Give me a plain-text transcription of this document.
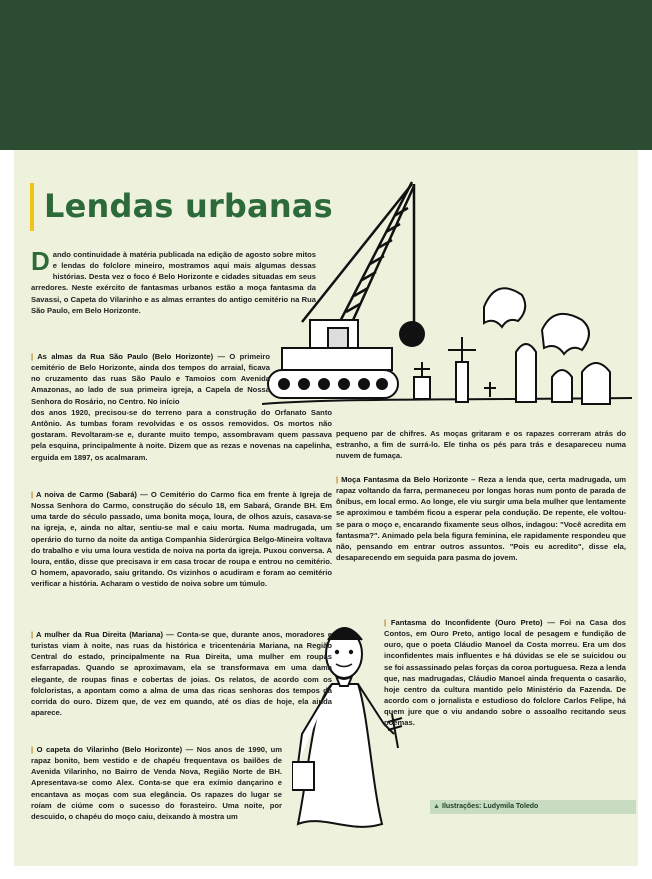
Lendas urbanas
Dando continuidade à matéria publicada na edição de agosto sobre mitos e lendas do folclore mineiro, mostramos aqui mais algumas dessas histórias. Desta vez o foco é Belo Horizonte e cidades situadas em seus arredores. Neste exército de fantasmas urbanos estão a moça fantasma da Savassi, o Capeta do Vilarinho e as almas errantes do antigo cemitério na Rua São Paulo, em Belo Horizonte.
| As almas da Rua São Paulo (Belo Horizonte) — O primeiro cemitério de Belo Horizonte, ainda dos tempos do arraial, ficava no cruzamento das ruas São Paulo e Tamoios com Avenida Amazonas, ao lado de sua primeira igreja, a Capela de Nossa Senhora do Rosário, no Centro. No início
dos anos 1920, precisou-se do terreno para a construção do Orfanato Santo Antônio. As tumbas foram revolvidas e os ossos removidos. Os mortos não gostaram. Revoltaram-se e, durante muito tempo, assombravam quem passava pela esquina, principalmente à noite. Dizem que as rezas e novenas na capelinha, erguida em 1897, os acalmaram.
| A noiva de Carmo (Sabará) — O Cemitério do Carmo fica em frente à Igreja de Nossa Senhora do Carmo, construção do século 18, em Sabará, Grande BH. Em uma tarde do século passado, uma bonita moça, loura, de olhos azuis, casava-se na igreja, e, ainda no altar, sentiu-se mal e caiu morta. Numa madrugada, um operário do turno da noite da antiga Companhia Siderúrgica Belgo-Mineira voltava do trabalho e viu uma loura vestida de noiva na porta da igreja. Puxou conversa. A loura, então, disse que precisava ir em casa trocar de roupa e entrou no cemitério. O homem, apavorado, saiu gritando. Os vizinhos o acudiram e foram ao cemitério verificar a história. Acharam o vestido de noiva sobre um túmulo.
| A mulher da Rua Direita (Mariana) — Conta-se que, durante anos, moradores e turistas viam à noite, nas ruas da histórica e tricentenária Mariana, na Região Central do estado, principalmente na Rua Direita, uma mulher em roupas esfarrapadas. Quando se aproximavam, ela se transformava em uma dama elegante, de roupas finas e cobertas de joias. Os relatos, de acordo com os folcloristas, a apontam como a alma de uma das ricas senhoras dos tempos da corrida do ouro. Dizem que, de vez em quando, até os dias de hoje, ela ainda aparece.
| O capeta do Vilarinho (Belo Horizonte) — Nos anos de 1990, um rapaz bonito, bem vestido e de chapéu frequentava os bailões de Avenida Vilarinho, no Bairro de Venda Nova, Região Norte de BH. Apresentava-se como Alex. Conta-se que era exímio dançarino e encantava as moças com sua elegância. Os rapazes do lugar se roíam de ciúme com o sucesso do forasteiro. Uma noite, por descuido, o chapéu do moço caiu, deixando à mostra um
pequeno par de chifres. As moças gritaram e os rapazes correram atrás do estranho, a fim de surrá-lo. Ele tinha os pés para trás e desapareceu numa nuvem de fumaça.
| Moça Fantasma da Belo Horizonte – Reza a lenda que, certa madrugada, um rapaz voltando da farra, permaneceu por longas horas num ponto de parada de ônibus, em local ermo. Ao longe, ele viu surgir uma bela mulher que lentamente se aproximou e também ficou a esperar pela condução. De repente, ele voltou-se para o moço e, encarando fixamente seus olhos, indagou: "Você acredita em fantasma?". Animado pela bela figura feminina, ele rapidamente respondeu que não, pensando em entrar outros assuntos. "Pois eu acredito", disse ela, desaparecendo em seguida para pasma do jovem.
| Fantasma do Inconfidente (Ouro Preto) — Foi na Casa dos Contos, em Ouro Preto, antigo local de pesagem e fundição de ouro, que o poeta Cláudio Manoel da Costa morreu. Era um dos inconfidentes mais influentes e há dúvidas se ele se suicidou ou se foi assassinado pelas forças da coroa portuguesa. Reza a lenda que, nas madrugadas, Cláudio Manoel ainda frequenta o casarão, hoje centro da cultura mantido pelo Ministério da Fazenda. De acordo com o jornalista e estudioso do folclore Carlos Felipe, há quem jure que o viu andando sobre o assoalho recitando seus poemas.
▲ Ilustrações: Ludymila Toledo
